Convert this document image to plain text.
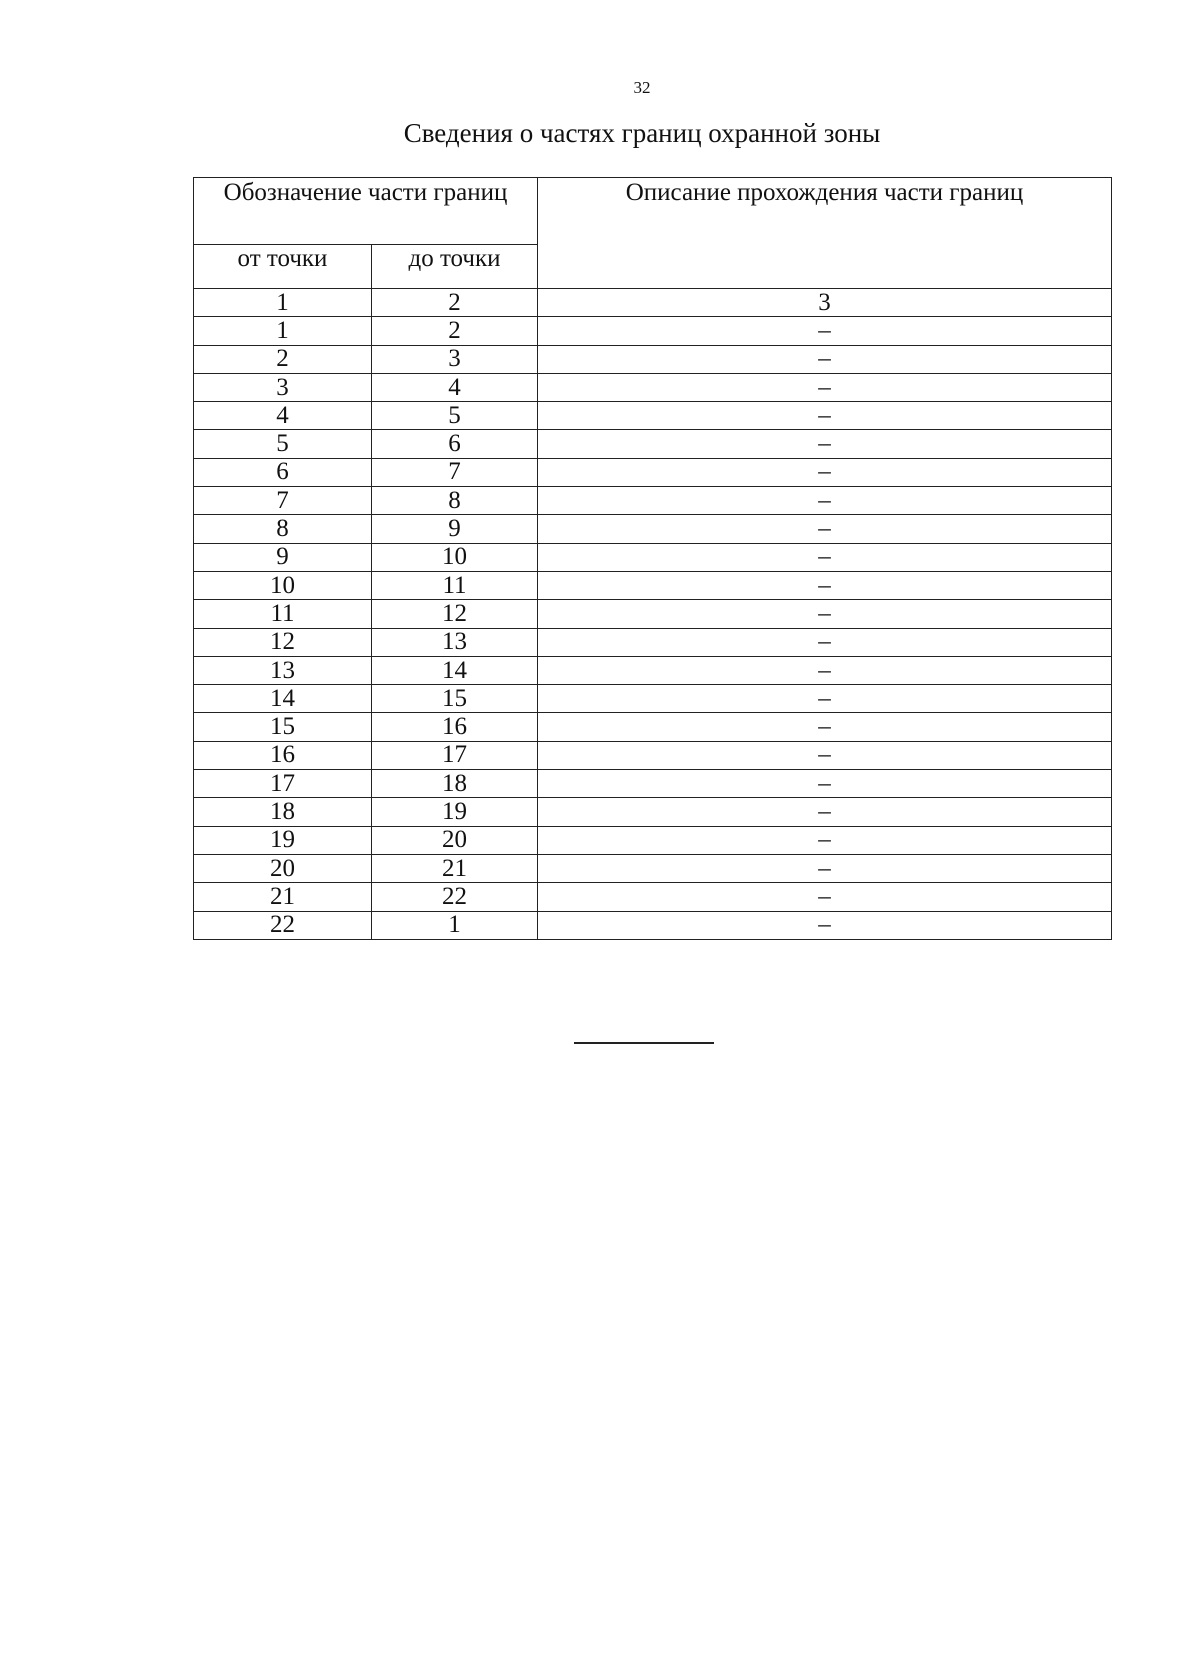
32
Сведения о частях границ охранной зоны
Обозначение части границ		Описание прохождения части границ
от точки	до точки	
1	2	3
1	2	–
2	3	–
3	4	–
4	5	–
5	6	–
6	7	–
7	8	–
8	9	–
9	10	–
10	11	–
11	12	–
12	13	–
13	14	–
14	15	–
15	16	–
16	17	–
17	18	–
18	19	–
19	20	–
20	21	–
21	22	–
22	1	–
